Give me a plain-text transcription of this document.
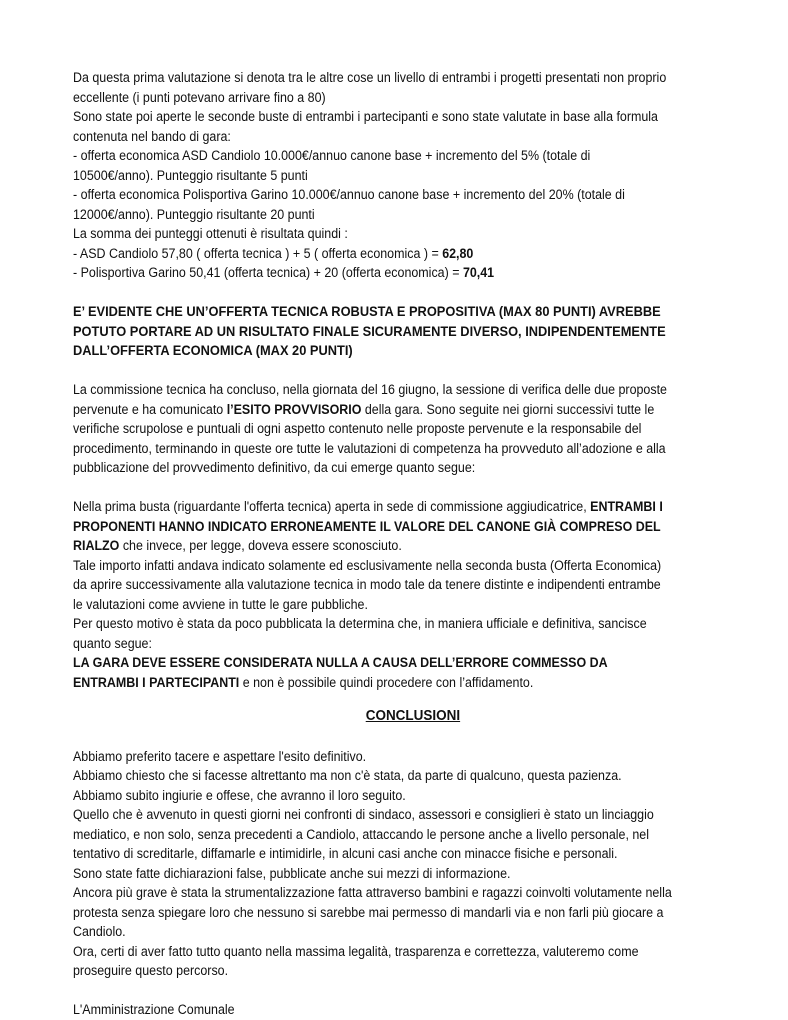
Da questa prima valutazione si denota tra le altre cose un livello di entrambi i progetti presentati non proprio
eccellente (i punti potevano arrivare fino a 80)
Sono state poi aperte le seconde buste di entrambi i partecipanti e sono state valutate in base alla formula
contenuta nel bando di gara:
- offerta economica ASD Candiolo 10.000€/annuo canone base + incremento del 5% (totale di
10500€/anno). Punteggio risultante 5 punti
- offerta economica Polisportiva Garino 10.000€/annuo canone base + incremento del 20% (totale di
12000€/anno). Punteggio risultante 20 punti
La somma dei punteggi ottenuti è risultata quindi :
- ASD Candiolo 57,80 ( offerta tecnica ) + 5 ( offerta economica ) = 62,80
- Polisportiva Garino 50,41 (offerta tecnica) + 20 (offerta economica) = 70,41
E’ EVIDENTE CHE UN’OFFERTA TECNICA ROBUSTA E PROPOSITIVA (MAX 80 PUNTI) AVREBBE
POTUTO PORTARE AD UN RISULTATO FINALE SICURAMENTE DIVERSO, INDIPENDENTEMENTE
DALL’OFFERTA ECONOMICA (MAX 20 PUNTI)
La commissione tecnica ha concluso, nella giornata del 16 giugno, la sessione di verifica delle due proposte
pervenute e ha comunicato l’ESITO PROVVISORIO della gara. Sono seguite nei giorni successivi tutte le
verifiche scrupolose e puntuali di ogni aspetto contenuto nelle proposte pervenute e la responsabile del
procedimento, terminando in queste ore tutte le valutazioni di competenza ha provveduto all’adozione e alla
pubblicazione del provvedimento definitivo, da cui emerge quanto segue:
Nella prima busta (riguardante l'offerta tecnica) aperta in sede di commissione aggiudicatrice, ENTRAMBI I
PROPONENTI HANNO INDICATO ERRONEAMENTE IL VALORE DEL CANONE GIÀ COMPRESO DEL
RIALZO che invece, per legge, doveva essere sconosciuto.
Tale importo infatti andava indicato solamente ed esclusivamente nella seconda busta (Offerta Economica)
da aprire successivamente alla valutazione tecnica in modo tale da tenere distinte e indipendenti entrambe
le valutazioni come avviene in tutte le gare pubbliche.
Per questo motivo è stata da poco pubblicata la determina che, in maniera ufficiale e definitiva, sancisce
quanto segue:
LA GARA DEVE ESSERE CONSIDERATA NULLA A CAUSA DELL’ERRORE COMMESSO DA
ENTRAMBI I PARTECIPANTI e non è possibile quindi procedere con l’affidamento.
CONCLUSIONI
Abbiamo preferito tacere e aspettare l'esito definitivo.
Abbiamo chiesto che si facesse altrettanto ma non c'è stata, da parte di qualcuno, questa pazienza.
Abbiamo subito ingiurie e offese, che avranno il loro seguito.
Quello che è avvenuto in questi giorni nei confronti di sindaco, assessori e consiglieri è stato un linciaggio
mediatico, e non solo, senza precedenti a Candiolo, attaccando le persone anche a livello personale, nel
tentativo di screditarle, diffamarle e intimidirle, in alcuni casi anche con minacce fisiche e personali.
Sono state fatte dichiarazioni false, pubblicate anche sui mezzi di informazione.
Ancora più grave è stata la strumentalizzazione fatta attraverso bambini e ragazzi coinvolti volutamente nella
protesta senza spiegare loro che nessuno si sarebbe mai permesso di mandarli via e non farli più giocare a
Candiolo.
Ora, certi di aver fatto tutto quanto nella massima legalità, trasparenza e correttezza, valuteremo come
proseguire questo percorso.
L'Amministrazione Comunale
